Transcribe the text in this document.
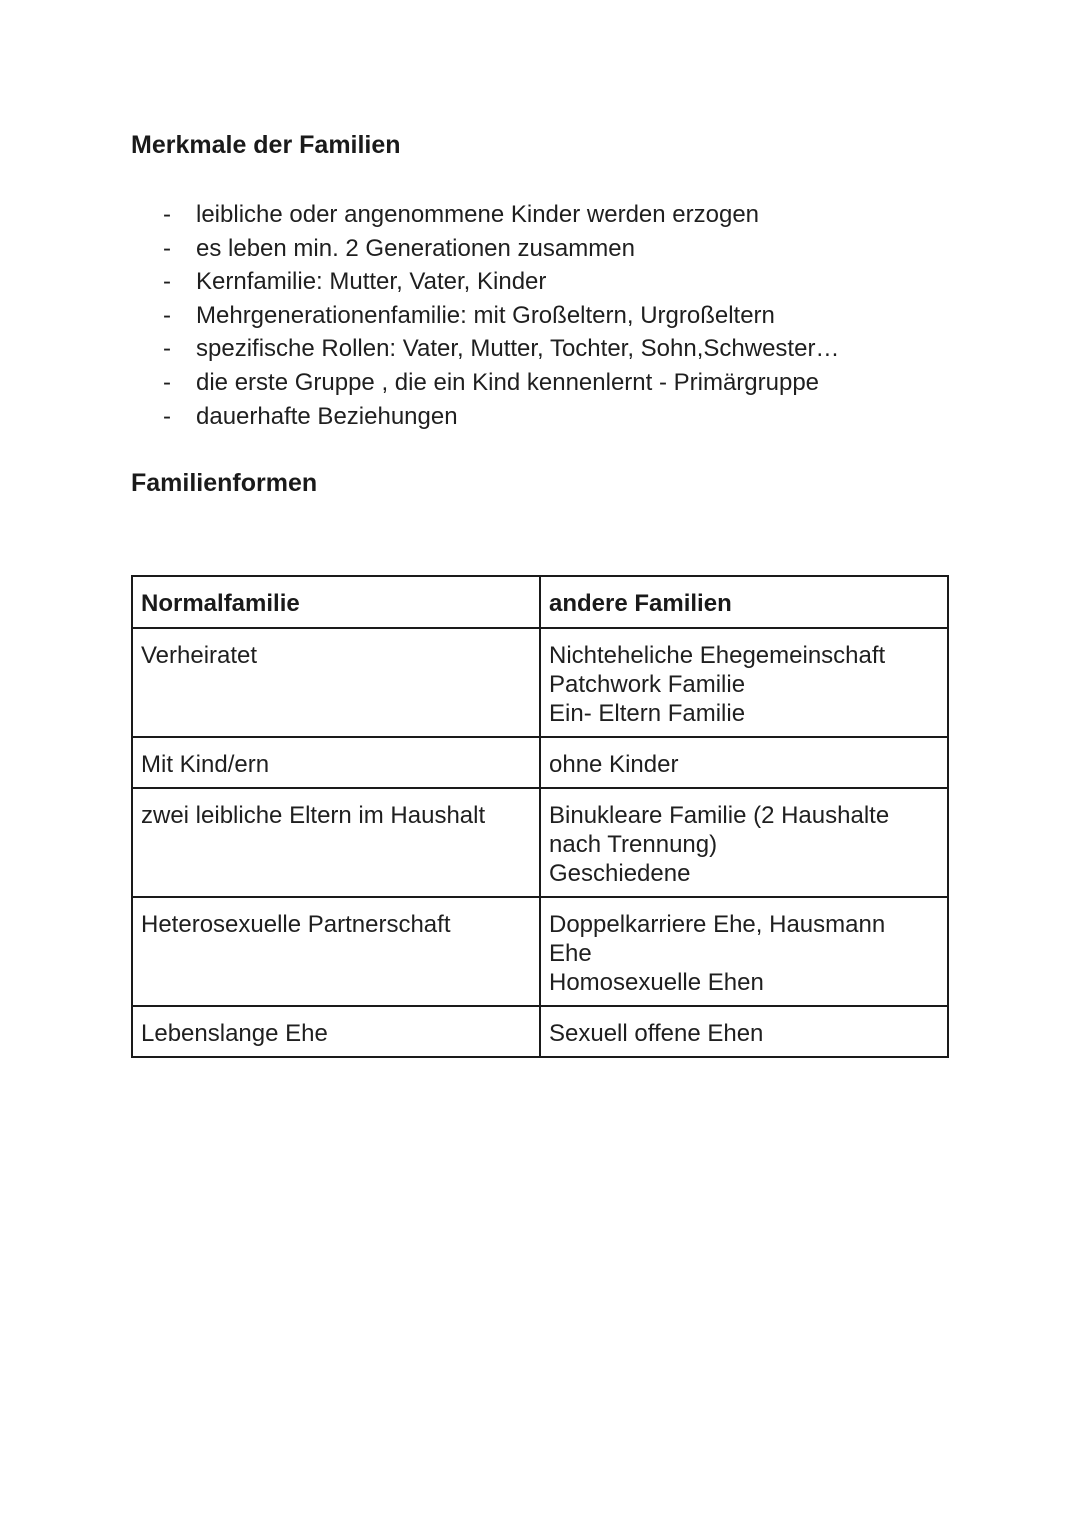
Merkmale der Familien
- leibliche oder angenommene Kinder werden erzogen
- es leben min. 2 Generationen zusammen
- Kernfamilie: Mutter, Vater, Kinder
- Mehrgenerationenfamilie: mit Großeltern, Urgroßeltern
- spezifische Rollen: Vater, Mutter, Tochter, Sohn,Schwester…
- die erste Gruppe , die ein Kind kennenlernt - Primärgruppe
- dauerhafte Beziehungen
Familienformen
Normalfamilie	andere Familien
Verheiratet	Nichteheliche Ehegemeinschaft
Patchwork Familie
Ein- Eltern Familie

Mit Kind/ern	ohne Kinder

zwei leibliche Eltern im Haushalt	Binukleare Familie (2 Haushalte
nach Trennung)
Geschiedene

Heterosexuelle Partnerschaft	Doppelkarriere Ehe, Hausmann
Ehe
Homosexuelle Ehen

Lebenslange Ehe	Sexuell offene Ehen
